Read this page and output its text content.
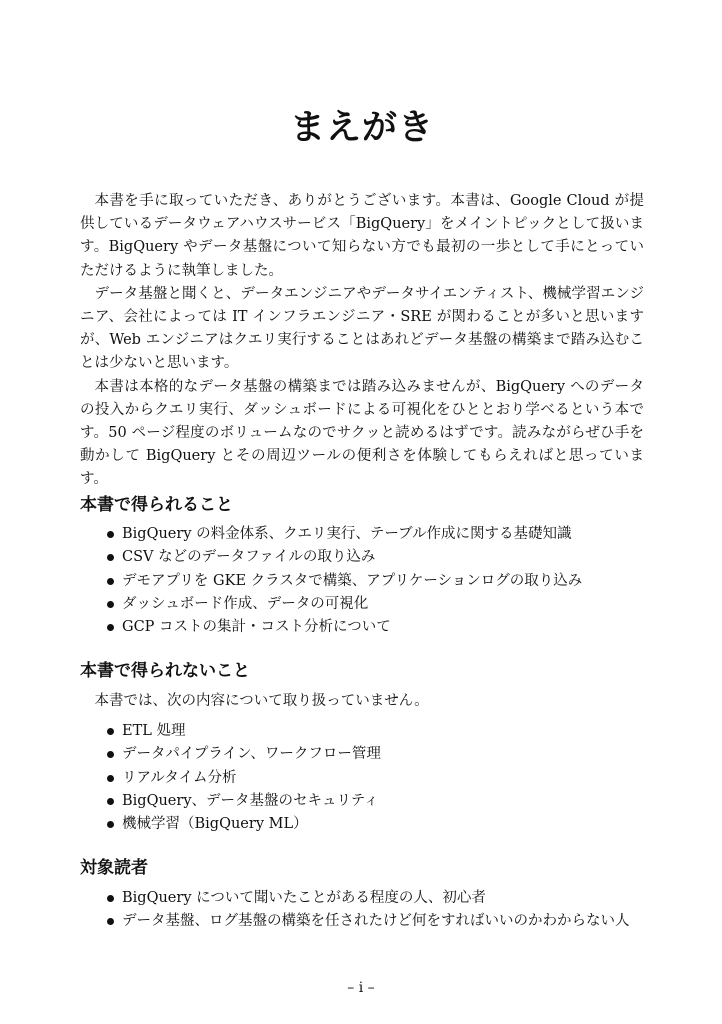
まえがき

本書を手に取っていただき、ありがとうございます。本書は、Google Cloud が提供しているデータウェアハウスサービス「BigQuery」をメイントピックとして扱います。BigQuery やデータ基盤について知らない方でも最初の一歩として手にとっていただけるように執筆しました。

データ基盤と聞くと、データエンジニアやデータサイエンティスト、機械学習エンジニア、会社によっては IT インフラエンジニア・SRE が関わることが多いと思いますが、Web エンジニアはクエリ実行することはあれどデータ基盤の構築まで踏み込むことは少ないと思います。

本書は本格的なデータ基盤の構築までは踏み込みませんが、BigQuery へのデータの投入からクエリ実行、ダッシュボードによる可視化をひととおり学べるという本です。50 ページ程度のボリュームなのでサクッと読めるはずです。読みながらぜひ手を動かして BigQuery とその周辺ツールの便利さを体験してもらえればと思っています。

本書で得られること
BigQuery の料金体系、クエリ実行、テーブル作成に関する基礎知識
CSV などのデータファイルの取り込み
デモアプリを GKE クラスタで構築、アプリケーションログの取り込み
ダッシュボード作成、データの可視化
GCP コストの集計・コスト分析について
本書で得られないこと

本書では、次の内容について取り扱っていません。

ETL 処理
データパイプライン、ワークフロー管理
リアルタイム分析
BigQuery、データ基盤のセキュリティ
機械学習（BigQuery ML）
対象読者
BigQuery について聞いたことがある程度の人、初心者
データ基盤、ログ基盤の構築を任されたけど何をすればいいのかわからない人
– i –
